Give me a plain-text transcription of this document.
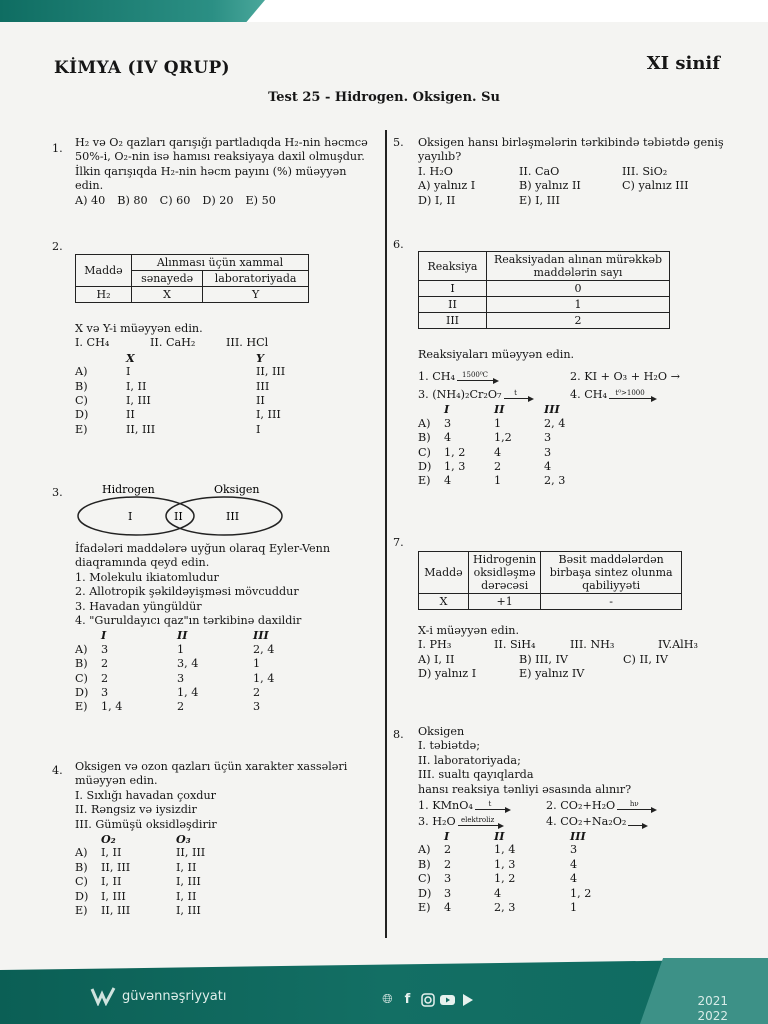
KİMYA (IV QRUP)	XI sinif
Test 25 - Hidrogen. Oksigen. Su
1. H₂ və O₂ qazları qarışığı partladıqda H₂-nin həcmcə
50%-i, O₂-nin isə hamısı reaksiyaya daxil olmuşdur.
İlkin qarışıqda H₂-nin həcm payını (%) müəyyən edin.
A) 40 B) 80 C) 60 D) 20 E) 50
2.
Maddə	Alınması üçün xammal	
	sənayedə	laboratoriyada
H₂	X	Y
X və Y-i müəyyən edin.
I. CH₄	II. CaH₂	III. HCl
X	Y
A)	I	II, III
B)	I, II	III
C)	I, III	II
D)	II	I, III
E)	II, III	I
3.	Hidrogen	Oksigen
I	II	III
İfadələri maddələrə uyğun olaraq Eyler-Venn
diaqramında qeyd edin.
1. Molekulu ikiatomludur
2. Allotropik şəkildəyişməsi mövcuddur
3. Havadan yüngüldür
4. "Guruldayıcı qaz"ın tərkibinə daxildir
I	II	III
A)	3	1	2, 4
B)	2	3, 4	1
C)	2	3	1, 4
D)	3	1, 4	2
E)	1, 4	2	3
4. Oksigen və ozon qazları üçün xarakter xassələri
müəyyən edin.
I. Sıxlığı havadan çoxdur
II. Rəngsiz və iysizdir
III. Gümüşü oksidləşdirir
O₂	O₃
A)	I, II	II, III
B)	II, III	I, II
C)	I, II	I, III
D)	I, III	I, II
E)	II, III	I, III
5. Oksigen hansı birləşmələrin tərkibində təbiətdə geniş
yayılıb?
I. H₂O	II. CaO	III. SiO₂
A) yalnız I	B) yalnız II	C) yalnız III
D) I, II	E) I, III
6.
Reaksiya	Reaksiyadan alınan mürəkkəb maddələrin sayı
I	0
II	1
III	2
Reaksiyaları müəyyən edin.
1. CH₄	1500⁰C	2. KI + O₃ + H₂O →
3. (NH₄)₂Cr₂O₇	t	4. CH₄	t⁰>1000
I	II	III
A)	3	1	2, 4
B)	4	1,2	3
C)	1, 2	4	3
D)	1, 3	2	4
E)	4	1	2, 3
7.
Maddə	Hidrogenin oksidləşmə dərəcəsi	Bəsit maddələrdən birbaşa sintez olunma qabiliyyəti
X	+1	-
X-i müəyyən edin.
I. PH₃	II. SiH₄	III. NH₃	IV.AlH₃
A) I, II	B) III, IV	C) II, IV
D) yalnız I	E) yalnız IV
8. Oksigen
I. təbiətdə;
II. laboratoriyada;
III. sualtı qayıqlarda
hansı reaksiya tənliyi əsasında alınır?
1. KMnO₄	t	2. CO₂+H₂O	hν
3. H₂O elektroliz	4. CO₂+Na₂O₂
I	II	III
A)	2	1, 4	3
B)	2	1, 3	4
C)	3	1, 2	4
D)	3	4	1, 2
E)	4	2, 3	1
güvənnəşriyyatı	🌐︎ f	2021
2022
